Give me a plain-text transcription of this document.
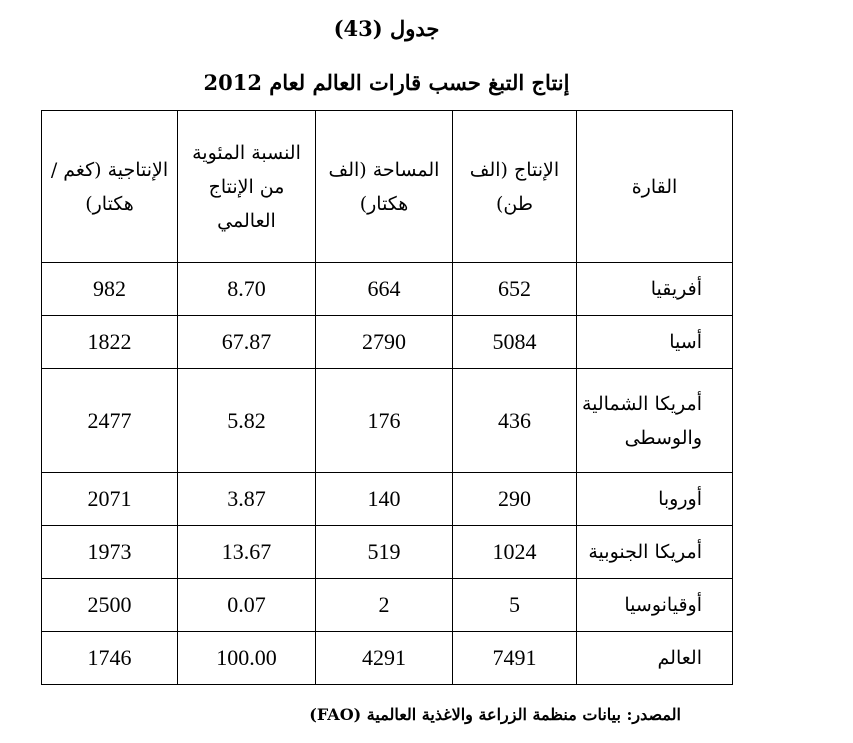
جدول (43)
إنتاج التبغ حسب قارات العالم لعام 2012
القارة	الإنتاج (الف طن)	المساحة (الف هكتار)	النسبة المئوية من الإنتاج العالمي	الإنتاجية (كغم / هكتار)
أفريقيا	652	664	8.70	982
أسيا	5084	2790	67.87	1822
أمريكا الشمالية والوسطى	436	176	5.82	2477
أوروبا	290	140	3.87	2071
أمريكا الجنوبية	1024	519	13.67	1973
أوقيانوسيا	5	2	0.07	2500
العالم	7491	4291	100.00	1746
المصدر: بيانات منظمة الزراعة والاغذية العالمية (FAO)
